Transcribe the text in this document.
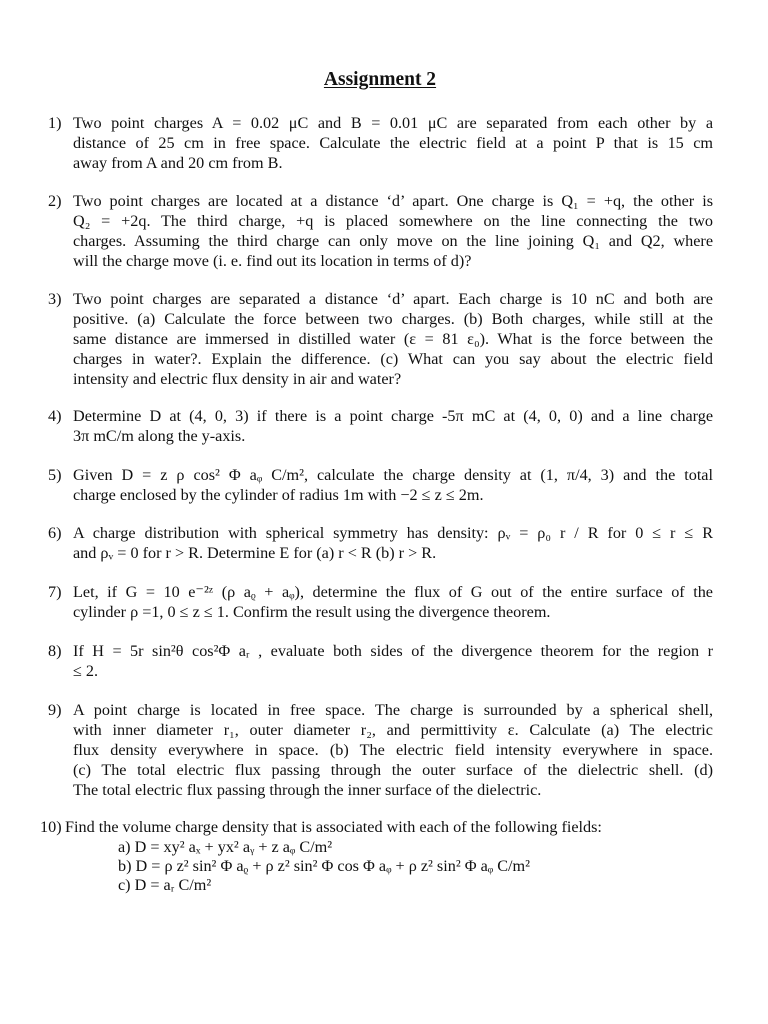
Assignment 2
1) Two point charges A = 0.02 μC and B = 0.01 μC are separated from each other by a
distance of 25 cm in free space. Calculate the electric field at a point P that is 15 cm
away from A and 20 cm from B.
2) Two point charges are located at a distance ‘d’ apart. One charge is Q₁ = +q, the other is
Q₂ = +2q. The third charge, +q is placed somewhere on the line connecting the two
charges. Assuming the third charge can only move on the line joining Q₁ and Q2, where
will the charge move (i. e. find out its location in terms of d)?
3) Two point charges are separated a distance ‘d’ apart. Each charge is 10 nC and both are
positive. (a) Calculate the force between two charges. (b) Both charges, while still at the
same distance are immersed in distilled water (ε = 81 ε₀). What is the force between the
charges in water?. Explain the difference. (c) What can you say about the electric field
intensity and electric flux density in air and water?
4) Determine D at (4, 0, 3) if there is a point charge -5π mC at (4, 0, 0) and a line charge
3π mC/m along the y-axis.
5) Given D = z ρ cos² Φ aᵩ C/m², calculate the charge density at (1, π/4, 3) and the total
charge enclosed by the cylinder of radius 1m with −2 ≤ z ≤ 2m.
6) A charge distribution with spherical symmetry has density: ρᵥ = ρ₀ r / R for 0 ≤ r ≤ R
and ρᵥ = 0 for r > R. Determine E for (a) r < R (b) r > R.
7) Let, if G = 10 e⁻²ᶻ (ρ aᵨ + aᵩ), determine the flux of G out of the entire surface of the
cylinder ρ =1, 0 ≤ z ≤ 1. Confirm the result using the divergence theorem.
8) If H = 5r sin²θ cos²Φ aᵣ , evaluate both sides of the divergence theorem for the region r
≤ 2.
9) A point charge is located in free space. The charge is surrounded by a spherical shell,
with inner diameter r₁, outer diameter r₂, and permittivity ε. Calculate (a) The electric
flux density everywhere in space. (b) The electric field intensity everywhere in space.
(c) The total electric flux passing through the outer surface of the dielectric shell. (d)
The total electric flux passing through the inner surface of the dielectric.
10) Find the volume charge density that is associated with each of the following fields:
a) D = xy² aₓ + yx² aᵧ + z aᵩ C/m²
b) D = ρ z² sin² Φ aᵨ + ρ z² sin² Φ cos Φ aᵩ + ρ z² sin² Φ aᵩ C/m²
c) D = aᵣ C/m²
